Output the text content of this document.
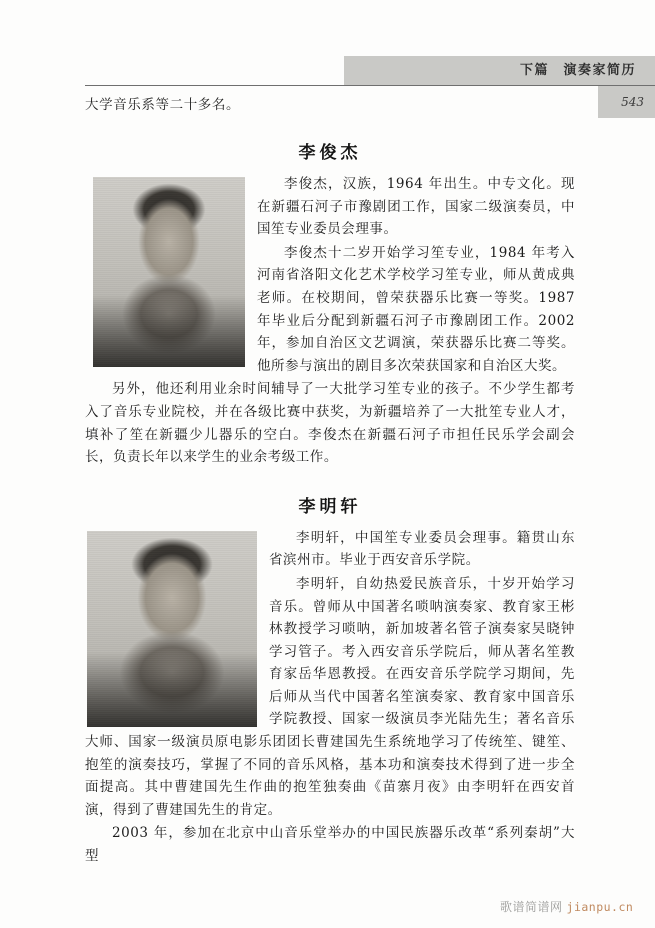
下篇　演奏家简历
543

大学音乐系等二十多名。

李俊杰

李俊杰，汉族，1964 年出生。中专文化。现在新疆石河子市豫剧团工作，国家二级演奏员，中国笙专业委员会理事。

李俊杰十二岁开始学习笙专业，1984 年考入河南省洛阳文化艺术学校学习笙专业，师从黄成典老师。在校期间，曾荣获器乐比赛一等奖。1987 年毕业后分配到新疆石河子市豫剧团工作。2002 年，参加自治区文艺调演，荣获器乐比赛二等奖。他所参与演出的剧目多次荣获国家和自治区大奖。

另外，他还利用业余时间辅导了一大批学习笙专业的孩子。不少学生都考入了音乐专业院校，并在各级比赛中获奖，为新疆培养了一大批笙专业人才，填补了笙在新疆少儿器乐的空白。李俊杰在新疆石河子市担任民乐学会副会长，负责长年以来学生的业余考级工作。

李明轩

李明轩，中国笙专业委员会理事。籍贯山东省滨州市。毕业于西安音乐学院。

李明轩，自幼热爱民族音乐，十岁开始学习音乐。曾师从中国著名唢呐演奏家、教育家王彬林教授学习唢呐，新加坡著名管子演奏家吴晓钟学习管子。考入西安音乐学院后，师从著名笙教育家岳华恩教授。在西安音乐学院学习期间，先后师从当代中国著名笙演奏家、教育家中国音乐学院教授、国家一级演员李光陆先生；著名音乐大师、国家一级演员原电影乐团团长曹建国先生系统地学习了传统笙、键笙、抱笙的演奏技巧，掌握了不同的音乐风格，基本功和演奏技术得到了进一步全面提高。其中曹建国先生作曲的抱笙独奏曲《苗寨月夜》由李明轩在西安首演，得到了曹建国先生的肯定。

2003 年，参加在北京中山音乐堂举办的中国民族器乐改革“系列秦胡”大型

歌谱简谱网 jianpu.cn
